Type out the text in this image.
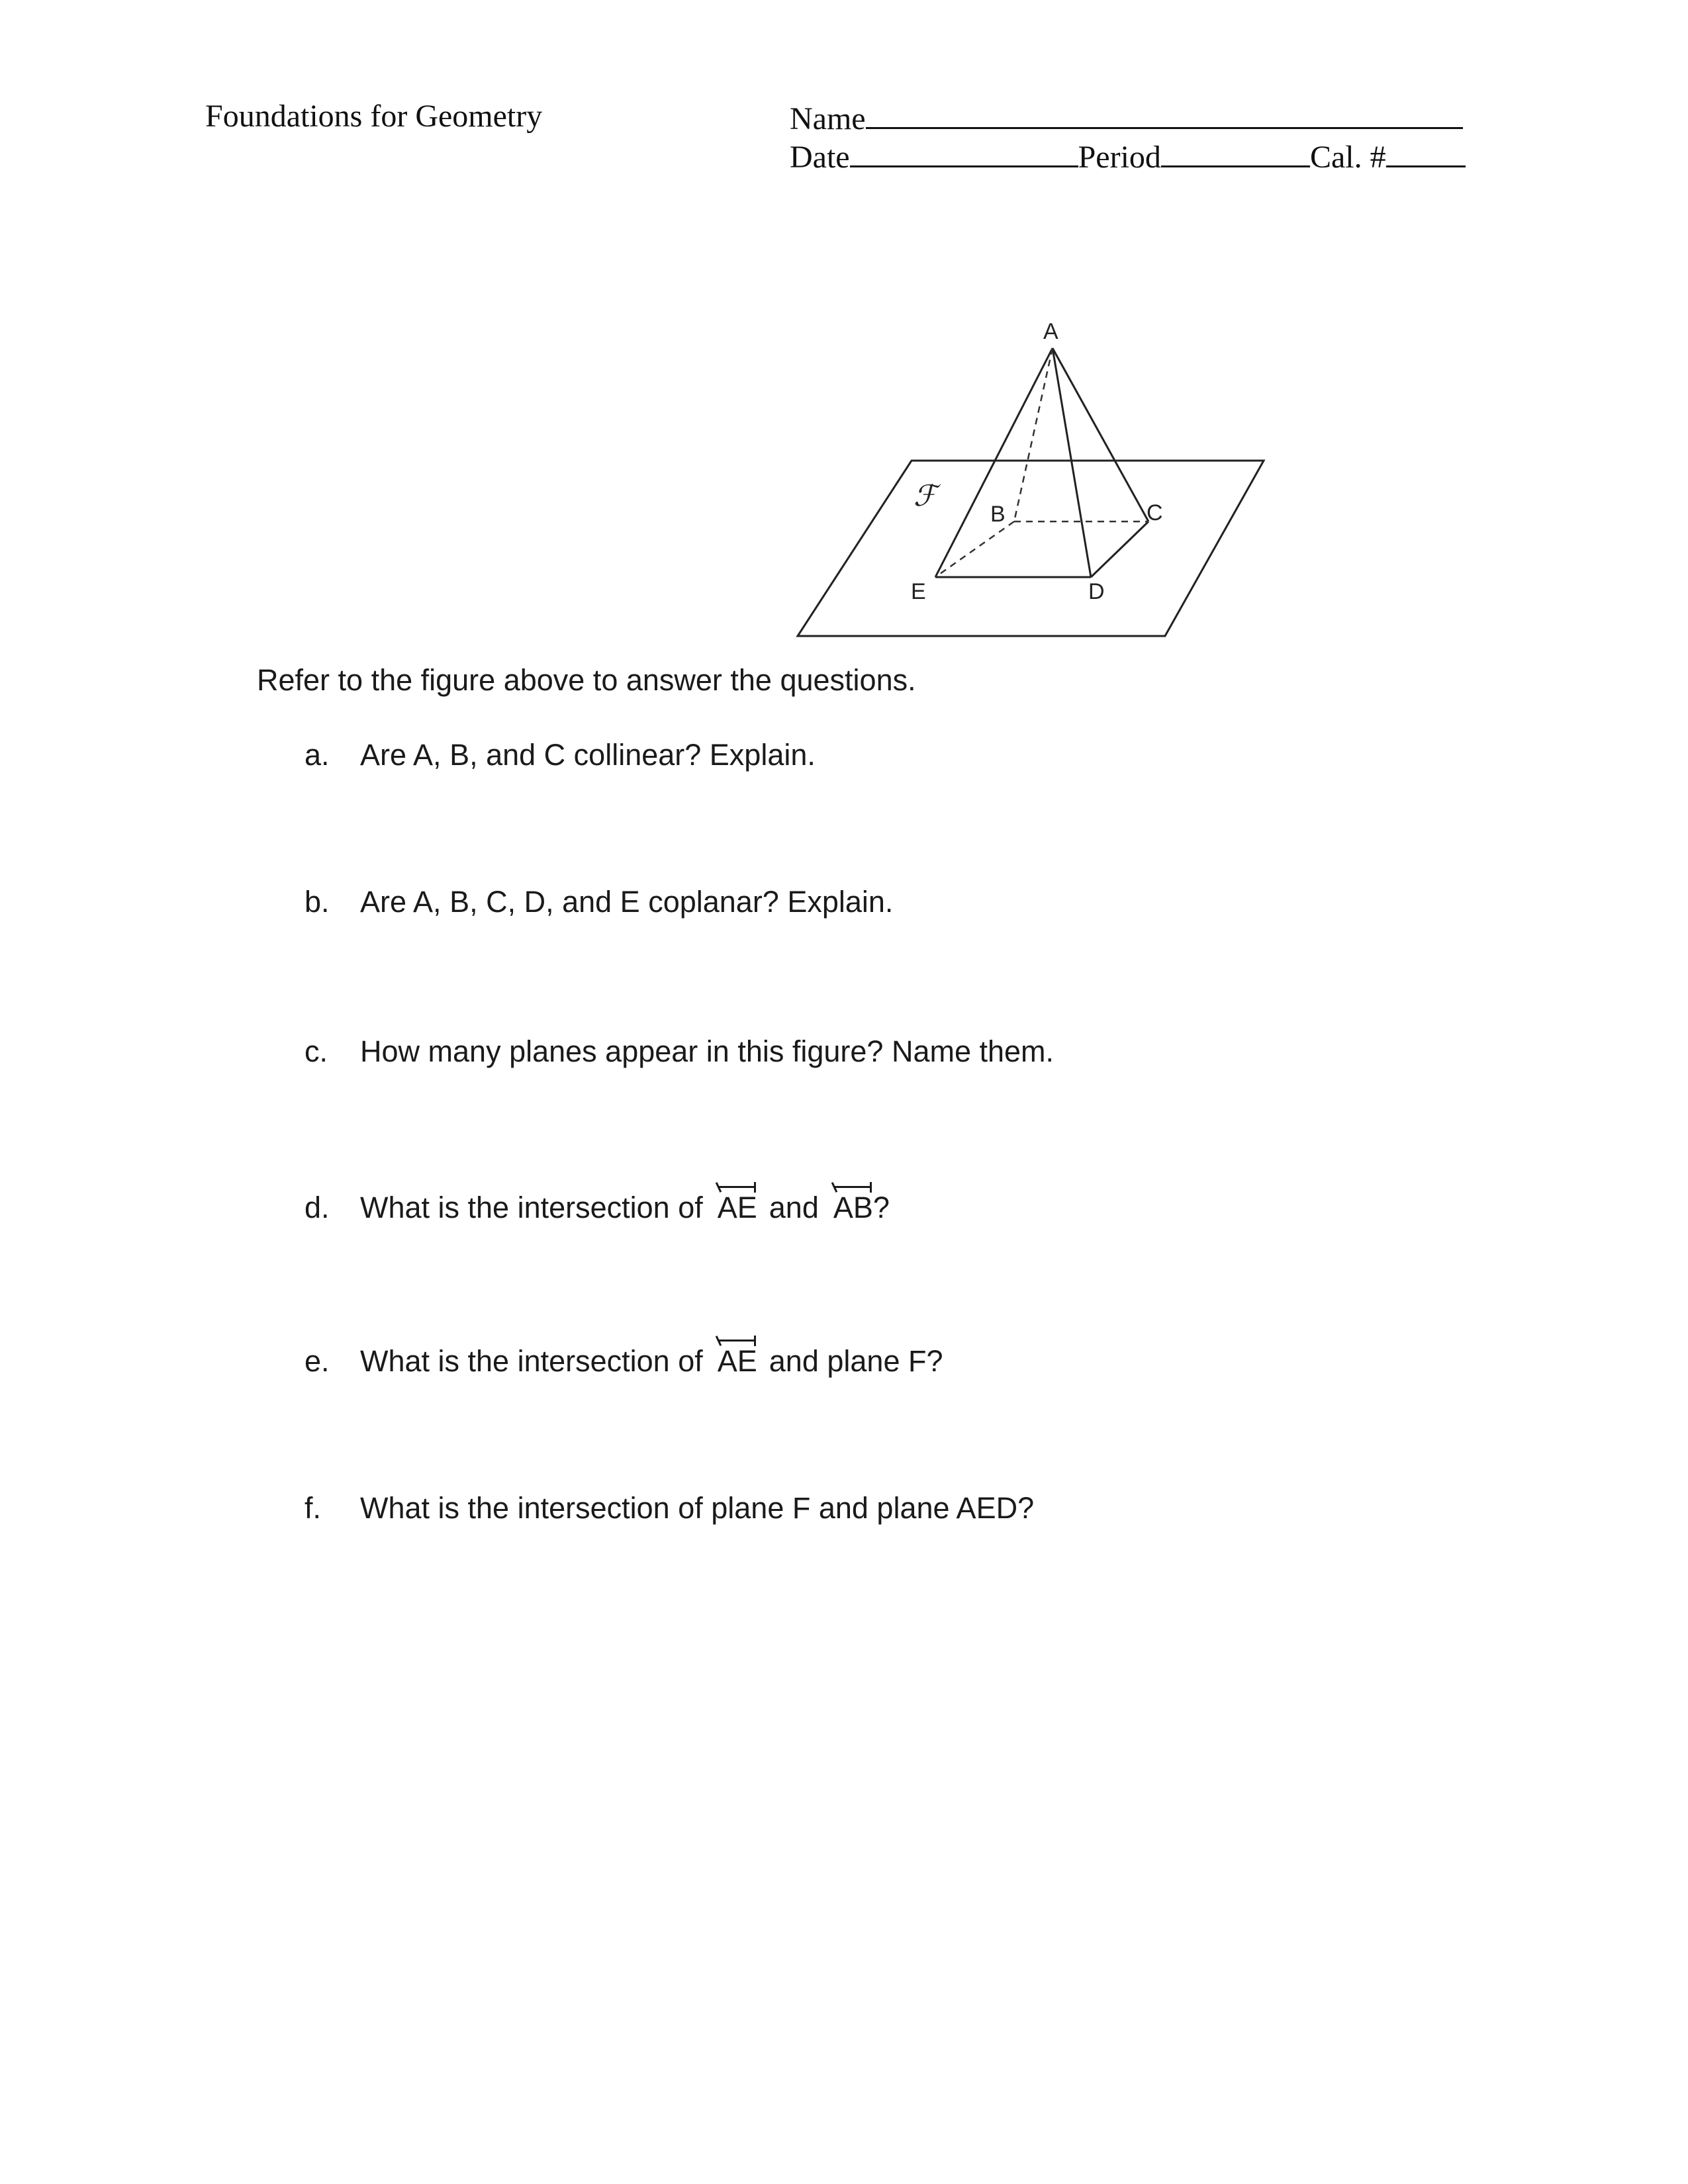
Foundations for Geometry	Name
Date	Period	Cal. #
A
B	C
D
E
ℱ
Refer to the figure above to answer the questions.
a.	Are A, B, and C collinear? Explain.
b.	Are A, B, C, D, and E coplanar? Explain.
c.	How many planes appear in this figure? Name them.
d.	What is the intersection of AE and AB ?
e.	What is the intersection of AE and plane F?
f.	What is the intersection of plane F and plane AED?
